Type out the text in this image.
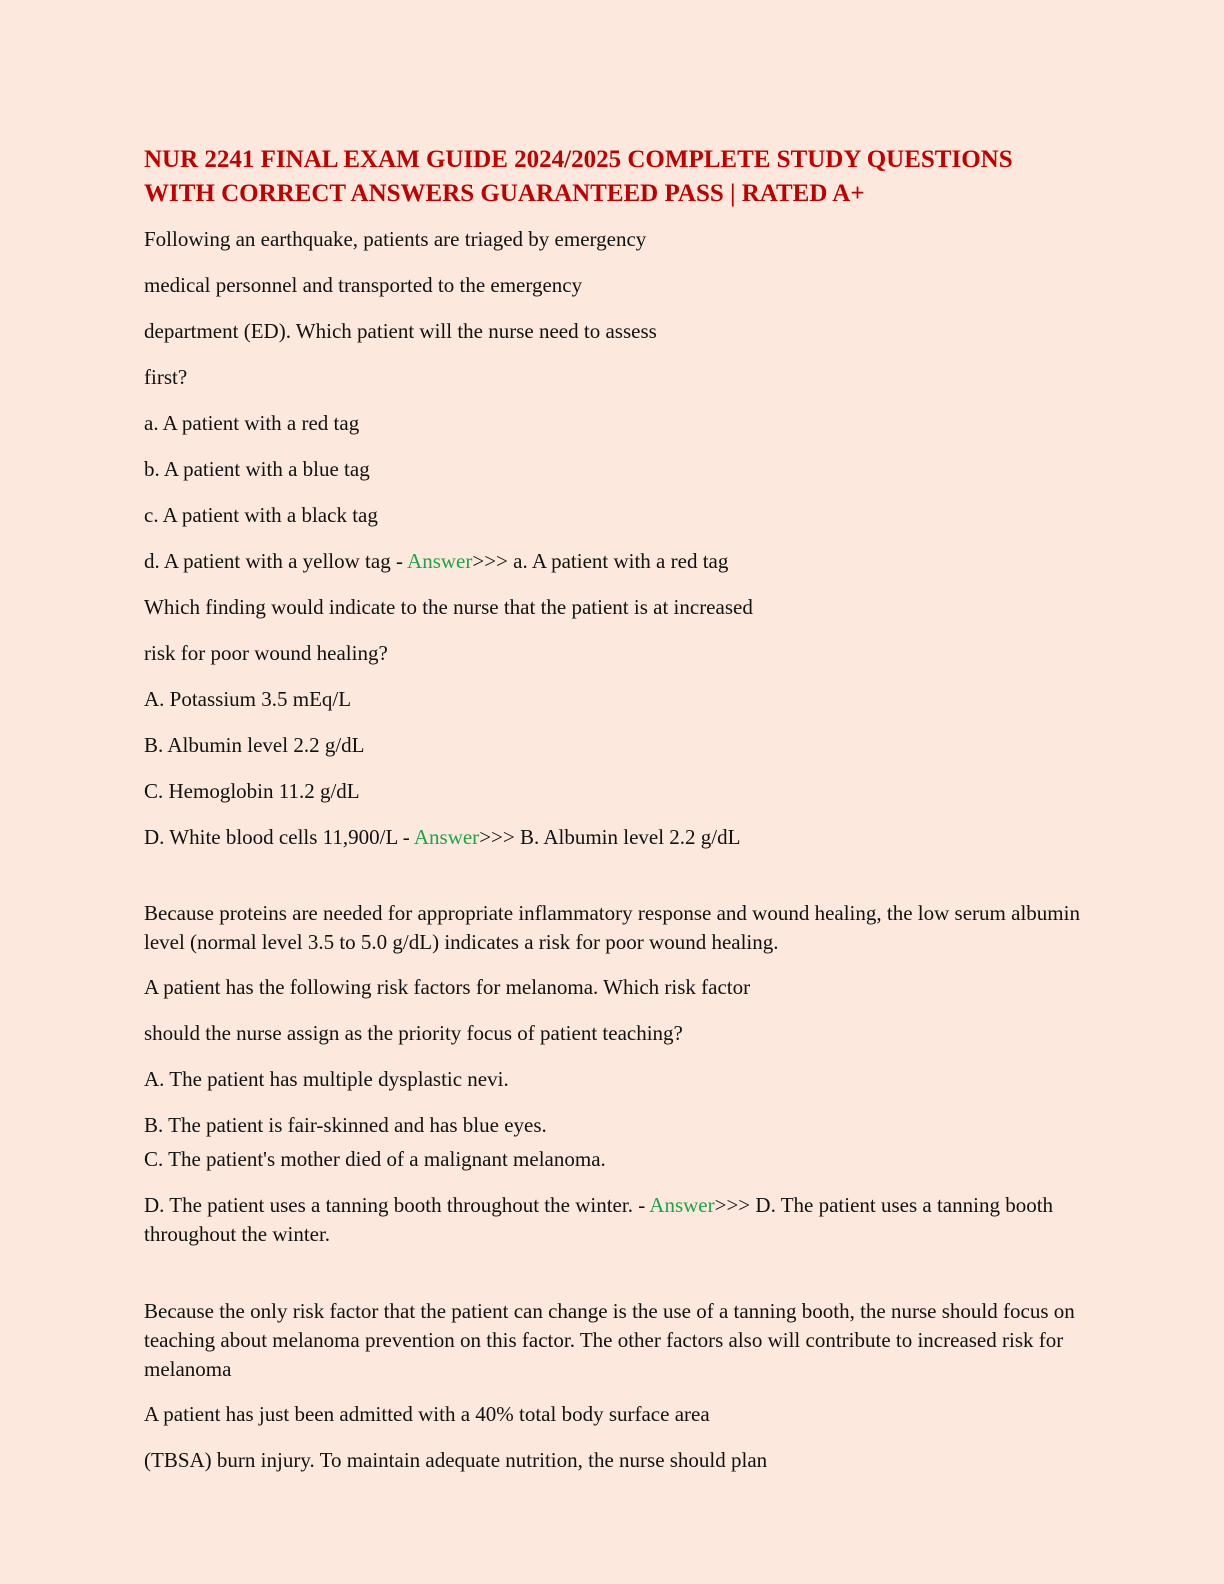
NUR 2241 FINAL EXAM GUIDE 2024/2025 COMPLETE STUDY QUESTIONS WITH CORRECT ANSWERS GUARANTEED PASS | RATED A+

Following an earthquake, patients are triaged by emergency

medical personnel and transported to the emergency

department (ED). Which patient will the nurse need to assess

first?

a. A patient with a red tag

b. A patient with a blue tag

c. A patient with a black tag

d. A patient with a yellow tag - Answer>>> a. A patient with a red tag

Which finding would indicate to the nurse that the patient is at increased

risk for poor wound healing?

A. Potassium 3.5 mEq/L

B. Albumin level 2.2 g/dL

C. Hemoglobin 11.2 g/dL

D. White blood cells 11,900/L - Answer>>> B. Albumin level 2.2 g/dL

Because proteins are needed for appropriate inflammatory response and wound healing, the low serum albumin level (normal level 3.5 to 5.0 g/dL) indicates a risk for poor wound healing.

A patient has the following risk factors for melanoma. Which risk factor

should the nurse assign as the priority focus of patient teaching?

A. The patient has multiple dysplastic nevi.

B. The patient is fair-skinned and has blue eyes.

C. The patient's mother died of a malignant melanoma.

D. The patient uses a tanning booth throughout the winter. - Answer>>> D. The patient uses a tanning booth throughout the winter.

Because the only risk factor that the patient can change is the use of a tanning booth, the nurse should focus on teaching about melanoma prevention on this factor. The other factors also will contribute to increased risk for melanoma

A patient has just been admitted with a 40% total body surface area

(TBSA) burn injury. To maintain adequate nutrition, the nurse should plan
